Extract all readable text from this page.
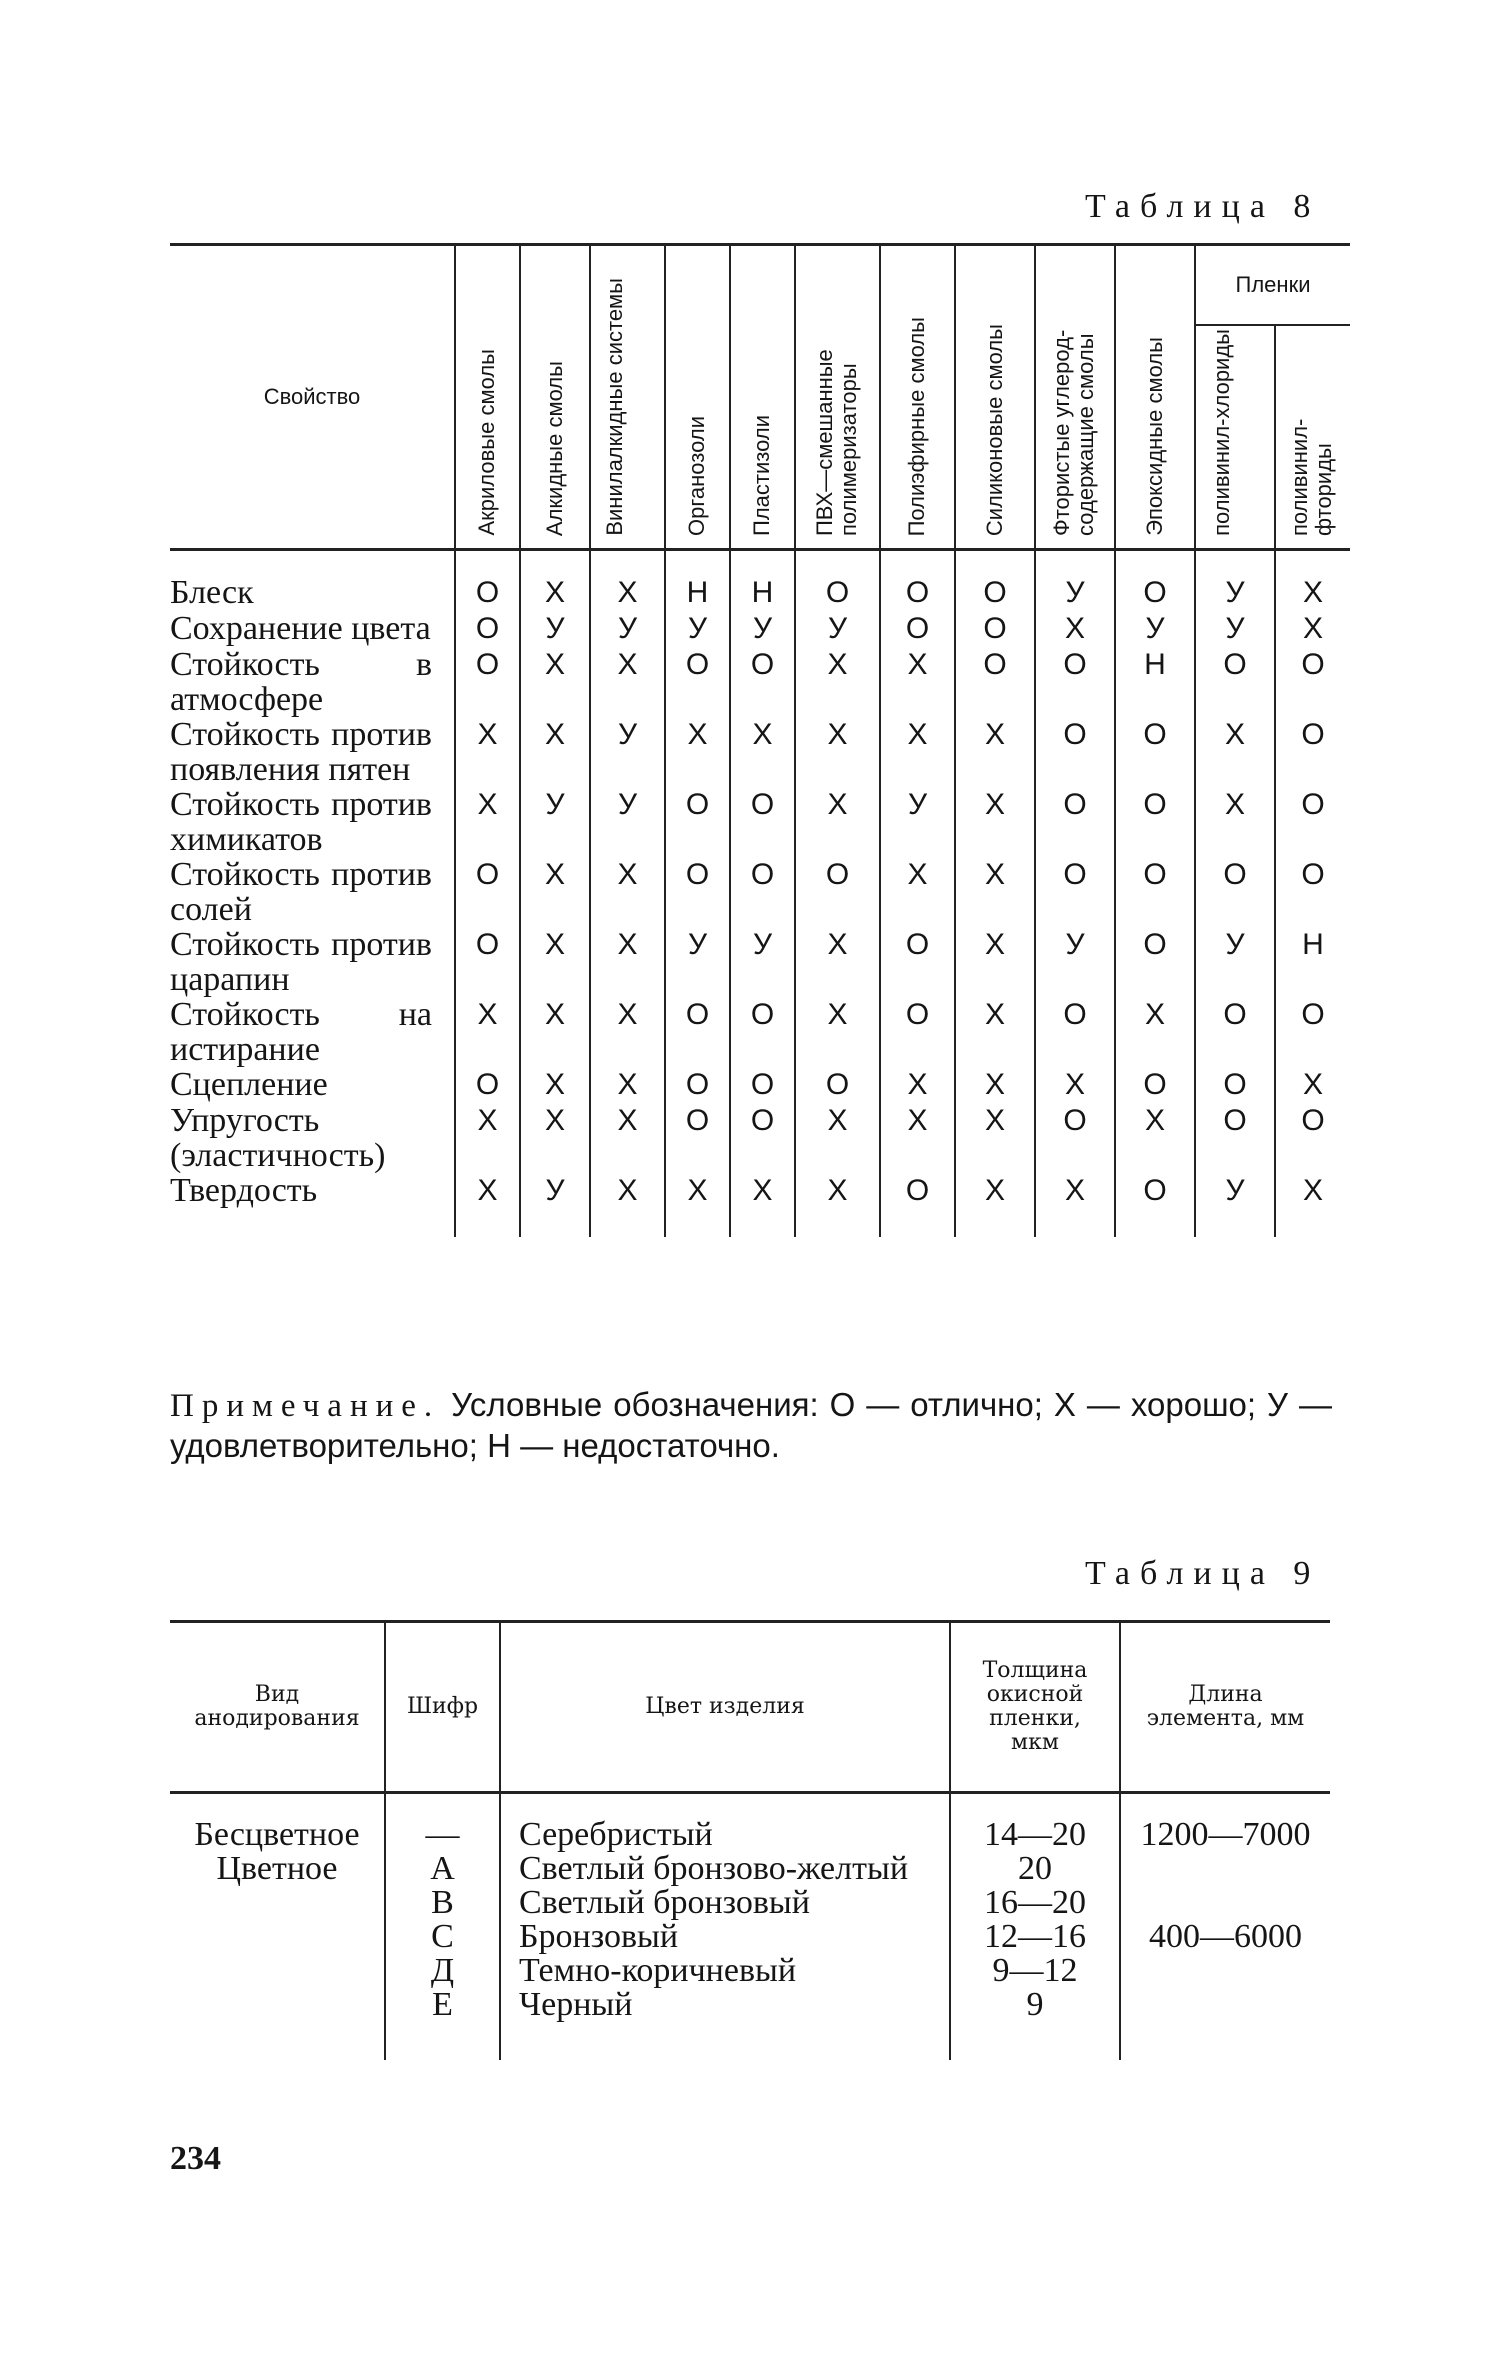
Таблица 8
Свойство	Акриловые смолы	Алкидные смолы	Винилалкидные системы	Органозоли	Пластизоли	ПВХ—смешанные полимеризаторы	Полиэфирные смолы	Силиконовые смолы	Фтористые углерод-содержащие смолы	Эпоксидные смолы	Пленки	
											поливинил-хлориды	поливинил-фториды
Блеск	О	Х	Х	Н	Н	О	О	О	У	О	У	Х
Сохранение цвета	О	У	У	У	У	У	О	О	Х	У	У	Х
Стойкость в атмосфере	О	Х	Х	О	О	Х	Х	О	О	Н	О	О
Стойкость против появления пятен	Х	Х	У	Х	Х	Х	Х	Х	О	О	Х	О
Стойкость против химикатов	Х	У	У	О	О	Х	У	Х	О	О	Х	О
Стойкость против солей	О	Х	Х	О	О	О	Х	Х	О	О	О	О
Стойкость против царапин	О	Х	Х	У	У	Х	О	Х	У	О	У	Н
Стойкость на истирание	Х	Х	Х	О	О	Х	О	Х	О	Х	О	О
Сцепление	О	Х	Х	О	О	О	Х	Х	Х	О	О	Х
Упругость (эластичность)	Х	Х	Х	О	О	Х	Х	Х	О	Х	О	О
Твердость	Х	У	Х	Х	Х	Х	О	Х	Х	О	У	Х
Примечание. Условные обозначения: О — отлично; Х — хорошо; У — удовлетворительно; Н — недостаточно.
Таблица 9
Вид анодирования	Шифр	Цвет изделия	Толщина окисной пленки, мкм	Длина элемента, мм
Бесцветное	—	Серебристый	14—20	1200—7000
Цветное	А	Светлый бронзово-желтый	20	
	В	Светлый бронзовый	16—20	
	С	Бронзовый	12—16	400—6000
	Д	Темно-коричневый	9—12	
	Е	Черный	9	
234
